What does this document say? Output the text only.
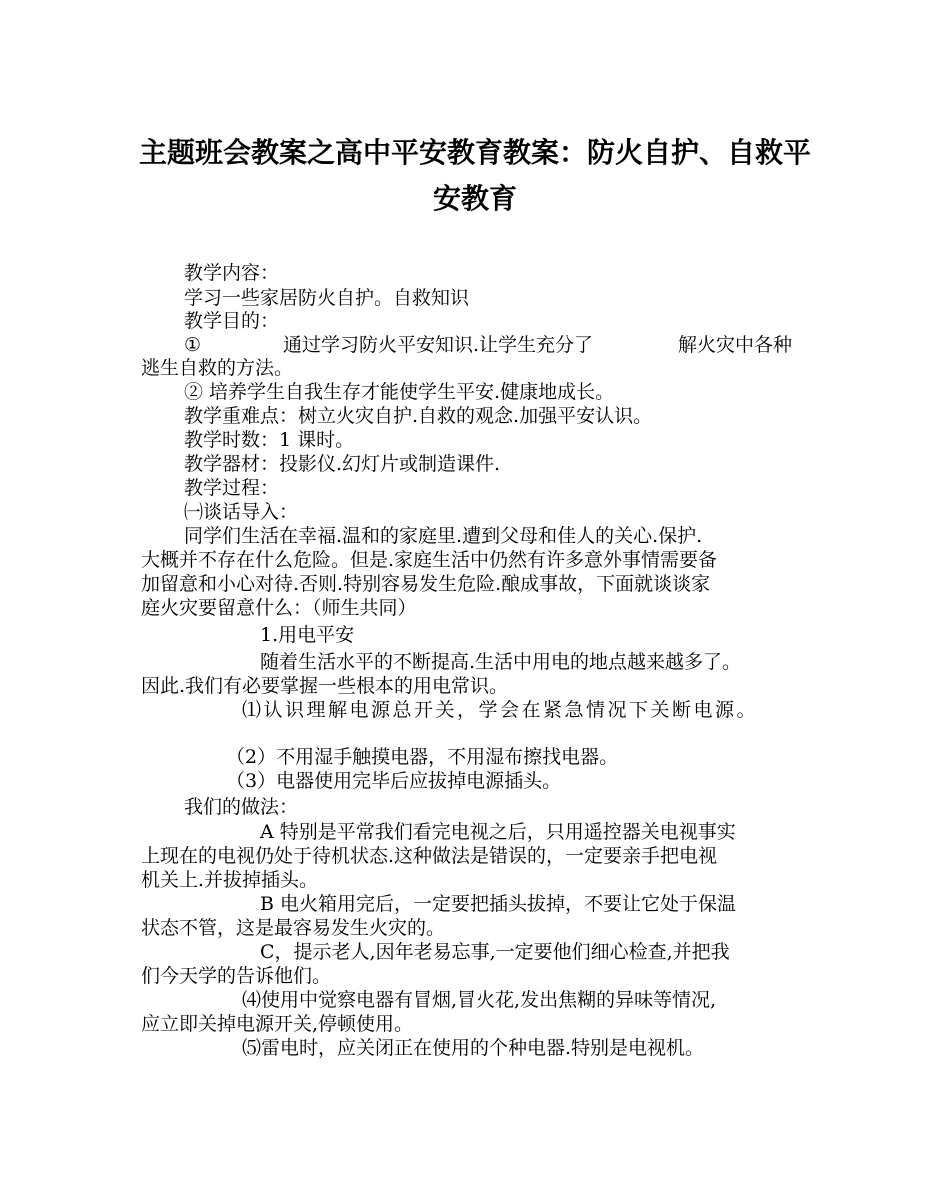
主题班会教案之高中平安教育教案：防火自护、自救平
安教育
教学内容：
学习一些家居防火自护。自救知识
教学目的：
①	通过学习防火平安知识.让学生充分了	解火灾中各种
逃生自救的方法。
② 培养学生自我生存才能使学生平安.健康地成长。
教学重难点：树立火灾自护.自救的观念.加强平安认识。
教学时数：1 课时。
教学器材：投影仪.幻灯片或制造课件.
教学过程：
㈠谈话导入：
同学们生活在幸福.温和的家庭里.遭到父母和佳人的关心.保护.
大概并不存在什么危险。但是.家庭生活中仍然有许多意外事情需要备
加留意和小心对待.否则.特别容易发生危险.酿成事故，下面就谈谈家
庭火灾要留意什么：（师生共同）
1.用电平安
随着生活水平的不断提高.生活中用电的地点越来越多了。
因此.我们有必要掌握一些根本的用电常识。
⑴认识理解电源总开关，学会在紧急情况下关断电源。
（2）不用湿手触摸电器，不用湿布擦找电器。
（3）电器使用完毕后应拔掉电源插头。
我们的做法：
A 特别是平常我们看完电视之后，只用遥控器关电视事实
上现在的电视仍处于待机状态.这种做法是错误的，一定要亲手把电视
机关上.并拔掉插头。
B 电火箱用完后，一定要把插头拔掉，不要让它处于保温
状态不管，这是最容易发生火灾的。
C，提示老人,因年老易忘事,一定要他们细心检查,并把我
们今天学的告诉他们。
⑷使用中觉察电器有冒烟,冒火花,发出焦糊的异味等情况,
应立即关掉电源开关,停顿使用。
⑸雷电时，应关闭正在使用的个种电器.特别是电视机。
